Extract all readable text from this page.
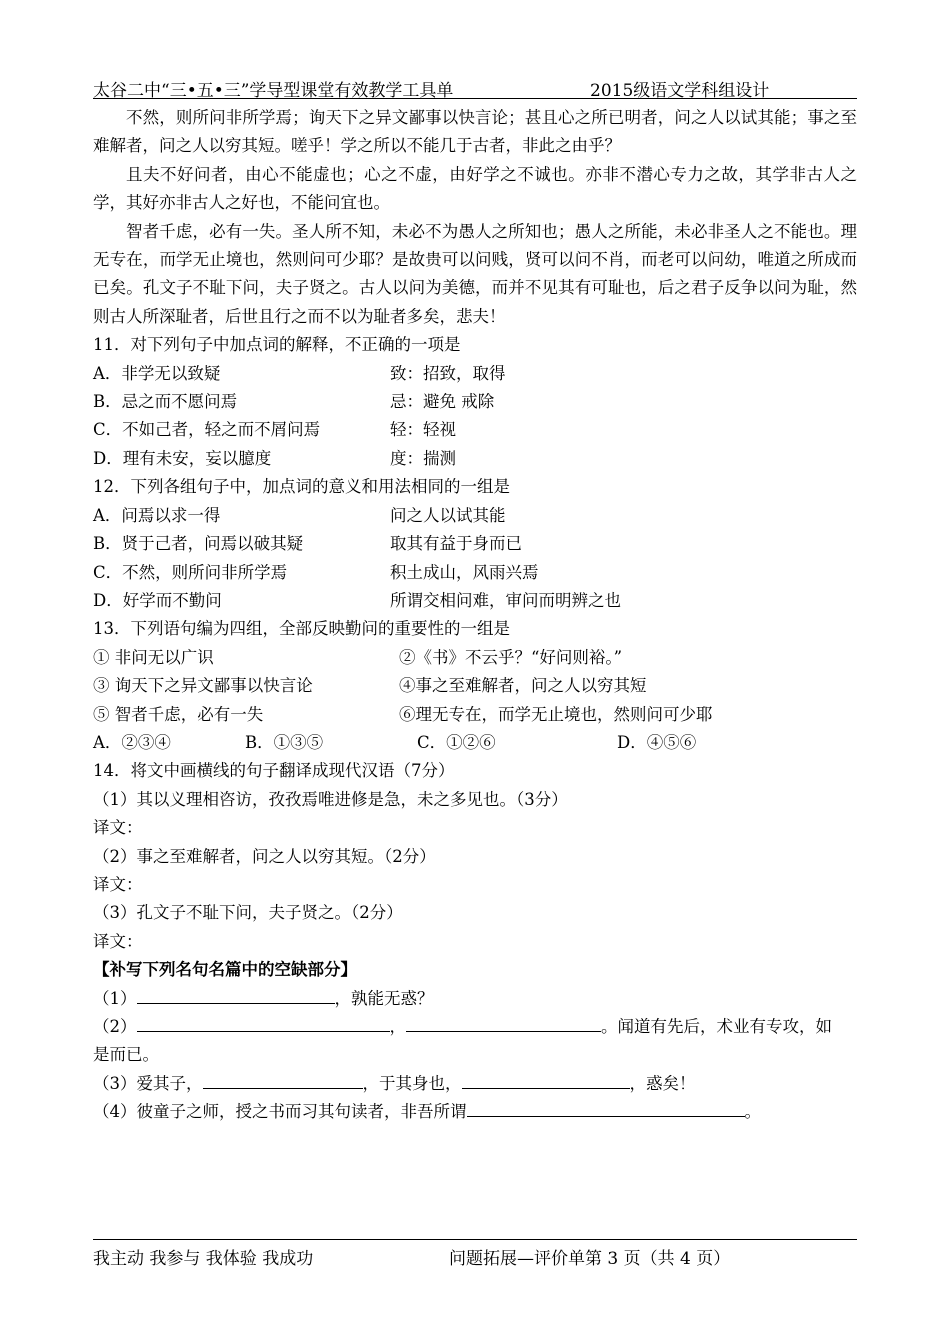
太谷二中“三•五•三”学导型课堂有效教学工具单	2015级语文学科组设计

不然，则所问非所学焉；询天下之异文鄙事以快言论；甚且心之所已明者，问之人以试其能；事之至难解者，问之人以穷其短。嗟乎！学之所以不能几于古者，非此之由乎？

且夫不好问者，由心不能虚也；心之不虚，由好学之不诚也。亦非不潜心专力之故，其学非古人之学，其好亦非古人之好也，不能问宜也。

智者千虑，必有一失。圣人所不知，未必不为愚人之所知也；愚人之所能，未必非圣人之不能也。理无专在，而学无止境也，然则问可少耶？是故贵可以问贱，贤可以问不肖，而老可以问幼，唯道之所成而已矣。孔文子不耻下问，夫子贤之。古人以问为美德，而并不见其有可耻也，后之君子反争以问为耻，然则古人所深耻者，后世且行之而不以为耻者多矣，悲夫！

11．对下列句子中加点词的解释，不正确的一项是

A．非学无以致疑	致：招致，取得
B．忌之而不愿问焉	忌：避免 戒除
C．不如己者，轻之而不屑问焉	轻：轻视
D．理有未安，妄以臆度	度：揣测

12．下列各组句子中，加点词的意义和用法相同的一组是

A．问焉以求一得	问之人以试其能
B．贤于己者，问焉以破其疑	取其有益于身而已
C．不然，则所问非所学焉	积土成山，风雨兴焉
D．好学而不勤问	所谓交相问难，审问而明辨之也

13．下列语句编为四组，全部反映勤问的重要性的一组是

① 非问无以广识	②《书》不云乎？“好问则裕。”
③ 询天下之异文鄙事以快言论	④事之至难解者，问之人以穷其短
⑤ 智者千虑，必有一失	⑥理无专在，而学无止境也，然则问可少耶
A．②③④	B．①③⑤	C．①②⑥	D．④⑤⑥

14．将文中画横线的句子翻译成现代汉语（7分）

（1）其以义理相咨访，孜孜焉唯进修是急，未之多见也。（3分）

译文：

（2）事之至难解者，问之人以穷其短。（2分）

译文：

（3）孔文子不耻下问，夫子贤之。（2分）

译文：

【补写下列名句名篇中的空缺部分】

（1）	，孰能无惑？

（2）	，	。闻道有先后，术业有专攻，如

是而已。

（3）爱其子，	，于其身也，	，惑矣！

（4）彼童子之师，授之书而习其句读者，非吾所谓	。

我主动 我参与 我体验 我成功	问题拓展—评价单第 3 页（共 4 页）
